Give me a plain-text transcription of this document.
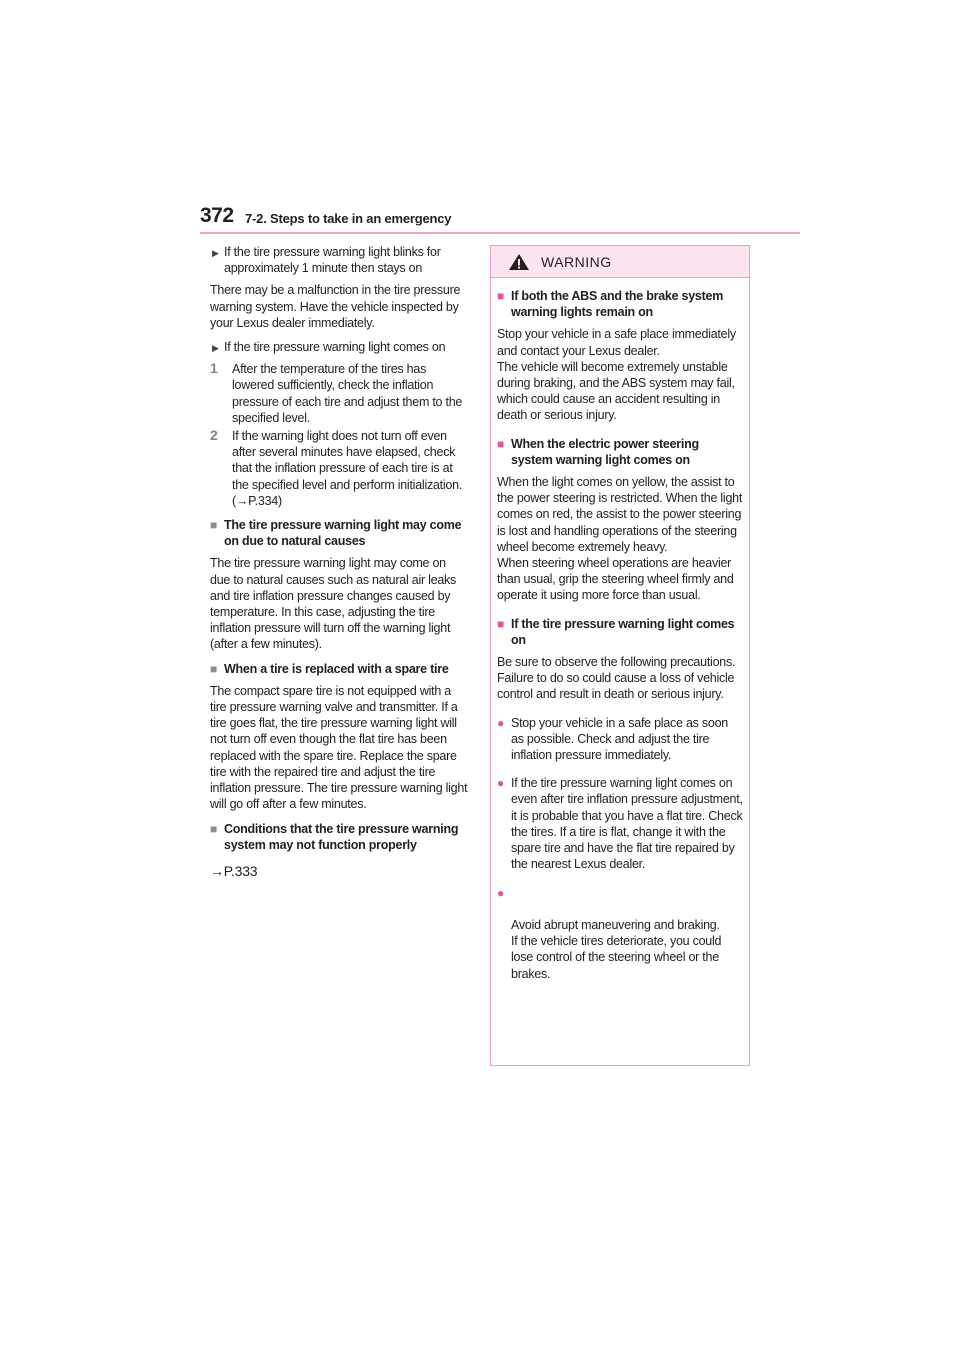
372 7-2. Steps to take in an emergency
▶ If the tire pressure warning light blinks for approximately 1 minute then stays on

There may be a malfunction in the tire pressure warning system. Have the vehicle inspected by your Lexus dealer immediately.

▶ If the tire pressure warning light comes on
1 After the temperature of the tires has lowered sufficiently, check the inflation pressure of each tire and adjust them to the specified level.
2 If the warning light does not turn off even after several minutes have elapsed, check that the inflation pressure of each tire is at the specified level and perform initialization. (→P.334)
■ The tire pressure warning light may come on due to natural causes

The tire pressure warning light may come on due to natural causes such as natural air leaks and tire inflation pressure changes caused by temperature. In this case, adjusting the tire inflation pressure will turn off the warning light (after a few minutes).

■ When a tire is replaced with a spare tire

The compact spare tire is not equipped with a tire pressure warning valve and transmitter. If a tire goes flat, the tire pressure warning light will not turn off even though the flat tire has been replaced with the spare tire. Replace the spare tire with the repaired tire and adjust the tire inflation pressure. The tire pressure warning light will go off after a few minutes.

■ Conditions that the tire pressure warning system may not function properly
→P.333
WARNING
■ If both the ABS and the brake system warning lights remain on

Stop your vehicle in a safe place immediately and contact your Lexus dealer.
The vehicle will become extremely unstable during braking, and the ABS system may fail, which could cause an accident resulting in death or serious injury.

■ When the electric power steering system warning light comes on

When the light comes on yellow, the assist to the power steering is restricted. When the light comes on red, the assist to the power steering is lost and handling operations of the steering wheel become extremely heavy.
When steering wheel operations are heavier than usual, grip the steering wheel firmly and operate it using more force than usual.

■ If the tire pressure warning light comes on

Be sure to observe the following precautions.
Failure to do so could cause a loss of vehicle control and result in death or serious injury.

● Stop your vehicle in a safe place as soon as possible. Check and adjust the tire inflation pressure immediately.
● If the tire pressure warning light comes on even after tire inflation pressure adjustment, it is probable that you have a flat tire. Check the tires. If a tire is flat, change it with the spare tire and have the flat tire repaired by the nearest Lexus dealer.

●

Avoid abrupt maneuvering and braking.
If the vehicle tires deteriorate, you could lose control of the steering wheel or the brakes.
